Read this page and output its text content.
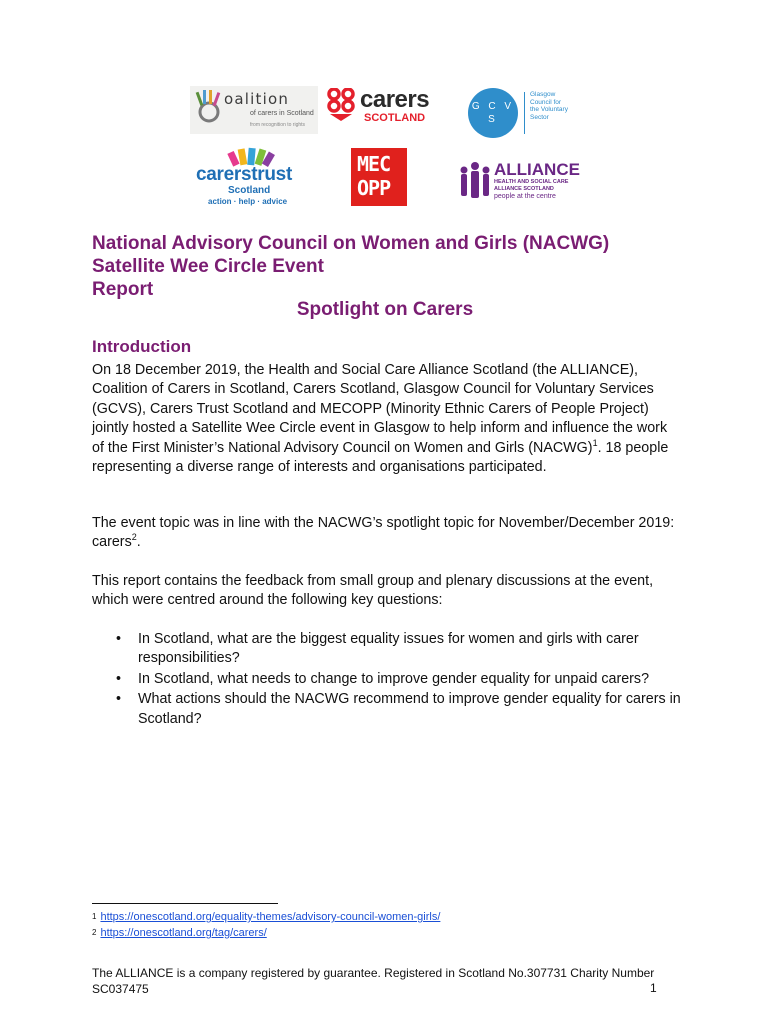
oalition
of carers in Scotland
from recognition to rights
carers
SCOTLAND
G C V S
Glasgow Council for the Voluntary Sector
carerstrust
Scotland
action · help · advice
MEC
OPP
ALLIANCE
HEALTH AND SOCIAL CARE ALLIANCE SCOTLAND
people at the centre
National Advisory Council on Women and Girls (NACWG)
Satellite Wee Circle Event
Report
Spotlight on Carers
Introduction

On 18 December 2019, the Health and Social Care Alliance Scotland (the ALLIANCE), Coalition of Carers in Scotland, Carers Scotland, Glasgow Council for Voluntary Services (GCVS), Carers Trust Scotland and MECOPP (Minority Ethnic Carers of People Project) jointly hosted a Satellite Wee Circle event in Glasgow to help inform and influence the work of the First Minister’s National Advisory Council on Women and Girls (NACWG)$^1$. 18 people representing a diverse range of interests and organisations participated.

The event topic was in line with the NACWG’s spotlight topic for November/December 2019: carers$^2$.

This report contains the feedback from small group and plenary discussions at the event, which were centred around the following key questions:

• In Scotland, what are the biggest equality issues for women and girls with carer responsibilities?
• In Scotland, what needs to change to improve gender equality for unpaid carers?
• What actions should the NACWG recommend to improve gender equality for carers in Scotland?
$^1$ https://onescotland.org/equality-themes/advisory-council-women-girls/
$^2$ https://onescotland.org/tag/carers/

The ALLIANCE is a company registered by guarantee. Registered in Scotland No.307731 Charity Number SC037475	1
